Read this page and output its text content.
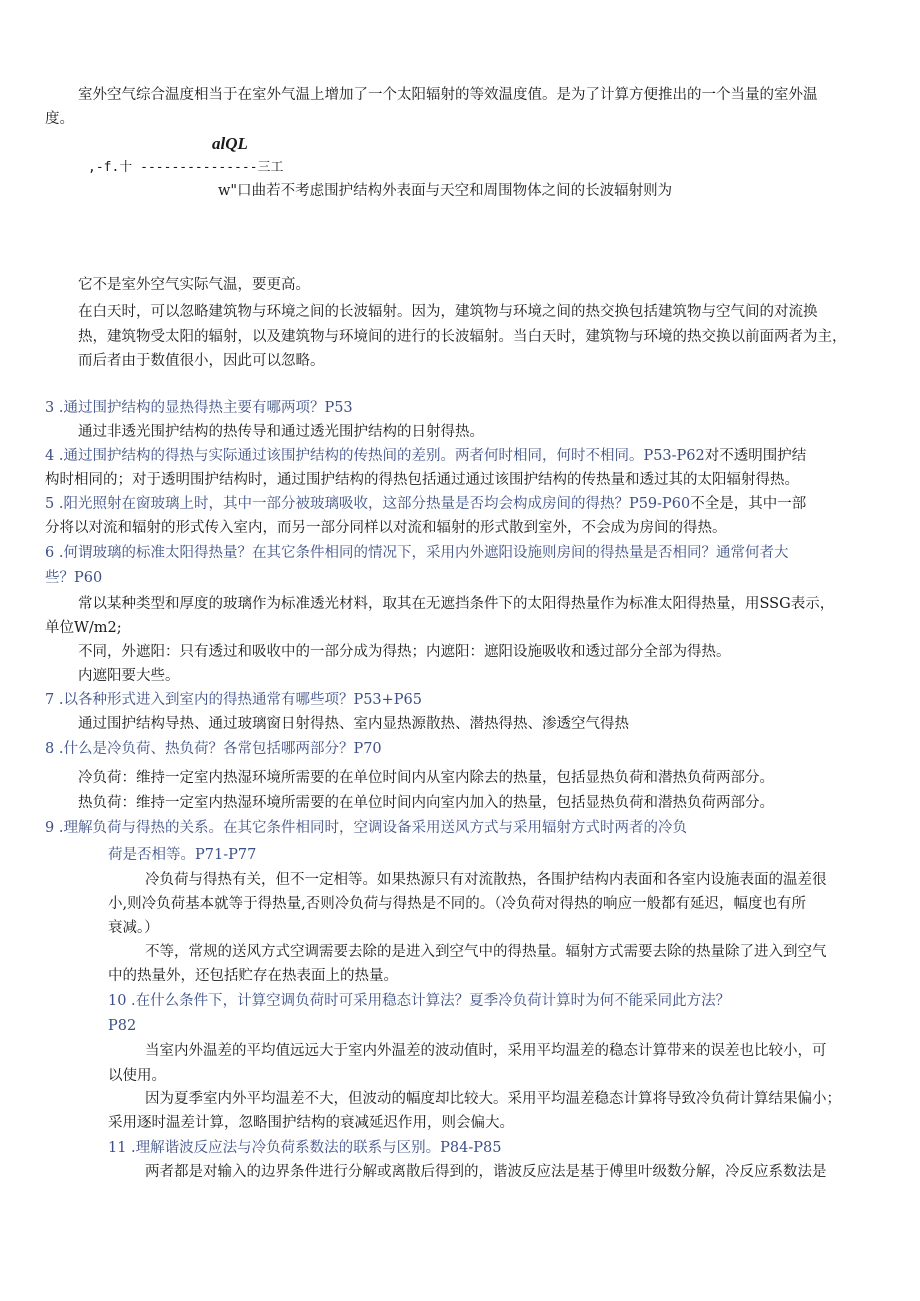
室外空气综合温度相当于在室外气温上增加了一个太阳辐射的等效温度值。是为了计算方便推出的一个当量的室外温
度。
alQL
,-f.十 ---------------三工
w"口曲若不考虑围护结构外表面与天空和周围物体之间的长波辐射则为
它不是室外空气实际气温，要更高。
在白天时，可以忽略建筑物与环境之间的长波辐射。因为，建筑物与环境之间的热交换包括建筑物与空气间的对流换
热，建筑物受太阳的辐射，以及建筑物与环境间的进行的长波辐射。当白天时，建筑物与环境的热交换以前面两者为主，
而后者由于数值很小，因此可以忽略。
3 .通过围护结构的显热得热主要有哪两项？P53
通过非透光围护结构的热传导和通过透光围护结构的日射得热。
4 .通过围护结构的得热与实际通过该围护结构的传热间的差别。两者何时相同，何时不相同。P53-P62对不透明围护结
构时相同的；对于透明围护结构时，通过围护结构的得热包括通过通过该围护结构的传热量和透过其的太阳辐射得热。
5 .阳光照射在窗玻璃上时，其中一部分被玻璃吸收，这部分热量是否均会构成房间的得热？P59-P60不全是，其中一部
分将以对流和辐射的形式传入室内，而另一部分同样以对流和辐射的形式散到室外，不会成为房间的得热。
6 .何谓玻璃的标准太阳得热量？在其它条件相同的情况下，采用内外遮阳设施则房间的得热量是否相同？通常何者大
些？P60
常以某种类型和厚度的玻璃作为标准透光材料，取其在无遮挡条件下的太阳得热量作为标准太阳得热量，用SSG表示，
单位W/m2;
不同，外遮阳：只有透过和吸收中的一部分成为得热；内遮阳：遮阳设施吸收和透过部分全部为得热。
内遮阳要大些。
7 .以各种形式进入到室内的得热通常有哪些项？P53+P65
通过围护结构导热、通过玻璃窗日射得热、室内显热源散热、潜热得热、渗透空气得热
8 .什么是冷负荷、热负荷？各常包括哪两部分？P70
冷负荷：维持一定室内热湿环境所需要的在单位时间内从室内除去的热量，包括显热负荷和潜热负荷两部分。
热负荷：维持一定室内热湿环境所需要的在单位时间内向室内加入的热量，包括显热负荷和潜热负荷两部分。
9 .理解负荷与得热的关系。在其它条件相同时，空调设备采用送风方式与采用辐射方式时两者的冷负
荷是否相等。P71-P77
冷负荷与得热有关，但不一定相等。如果热源只有对流散热，各围护结构内表面和各室内设施表面的温差很
小,则冷负荷基本就等于得热量,否则冷负荷与得热是不同的。（冷负荷对得热的响应一般都有延迟，幅度也有所
衰减。）
不等，常规的送风方式空调需要去除的是进入到空气中的得热量。辐射方式需要去除的热量除了进入到空气
中的热量外，还包括贮存在热表面上的热量。
10 .在什么条件下，计算空调负荷时可采用稳态计算法？夏季冷负荷计算时为何不能采同此方法？
P82
当室内外温差的平均值远远大于室内外温差的波动值时，采用平均温差的稳态计算带来的误差也比较小，可
以使用。
因为夏季室内外平均温差不大，但波动的幅度却比较大。采用平均温差稳态计算将导致冷负荷计算结果偏小；
采用逐时温差计算，忽略围护结构的衰减延迟作用，则会偏大。
11 .理解谐波反应法与冷负荷系数法的联系与区别。P84-P85
两者都是对输入的边界条件进行分解或离散后得到的，谐波反应法是基于傅里叶级数分解，冷反应系数法是
